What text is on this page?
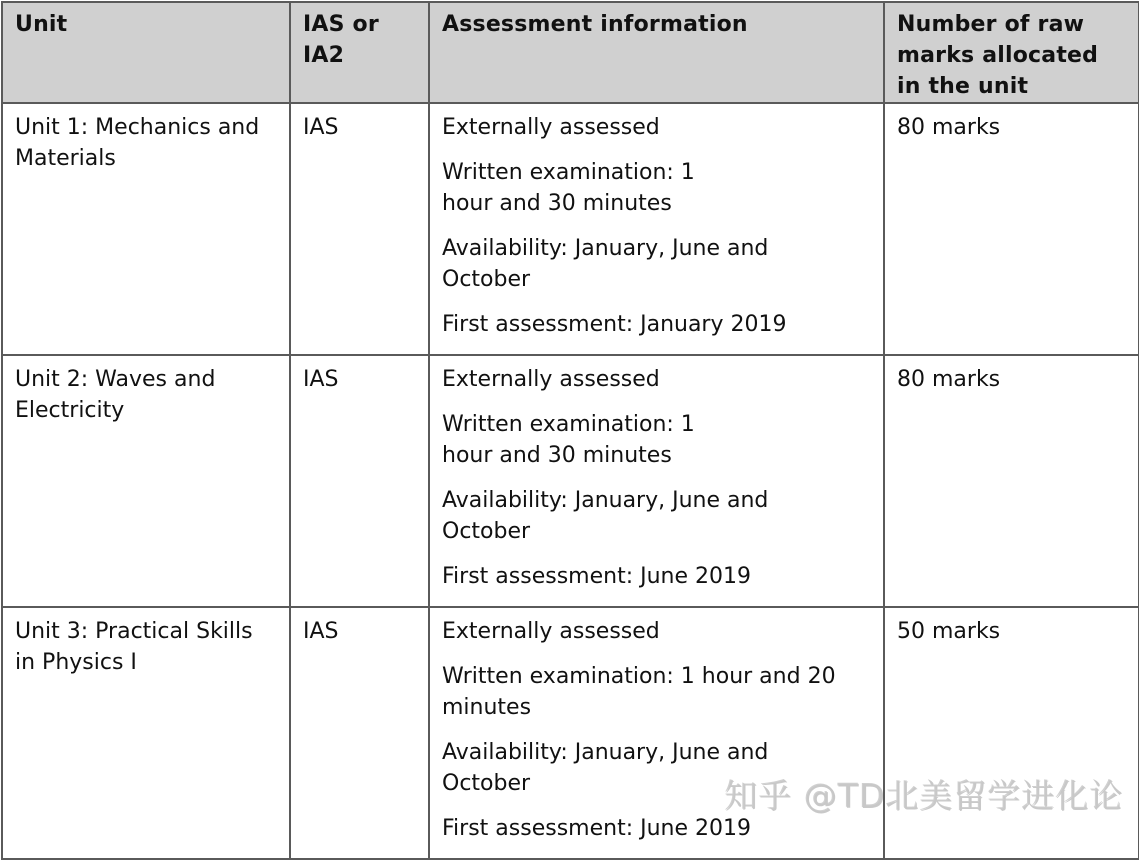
Unit	IAS or IA2	Assessment information	Number of raw marks allocated in the unit
Unit 1: Mechanics and Materials	IAS	Externally assessed
Written examination: 1 hour and 30 minutes
Availability: January, June and October
First assessment: January 2019	80 marks
Unit 2: Waves and Electricity	IAS	Externally assessed
Written examination: 1 hour and 30 minutes
Availability: January, June and October
First assessment: June 2019	80 marks
Unit 3: Practical Skills in Physics I	IAS	Externally assessed
Written examination: 1 hour and 20 minutes
Availability: January, June and October
First assessment: June 2019	50 marks
知乎 @TD北美留学进化论
